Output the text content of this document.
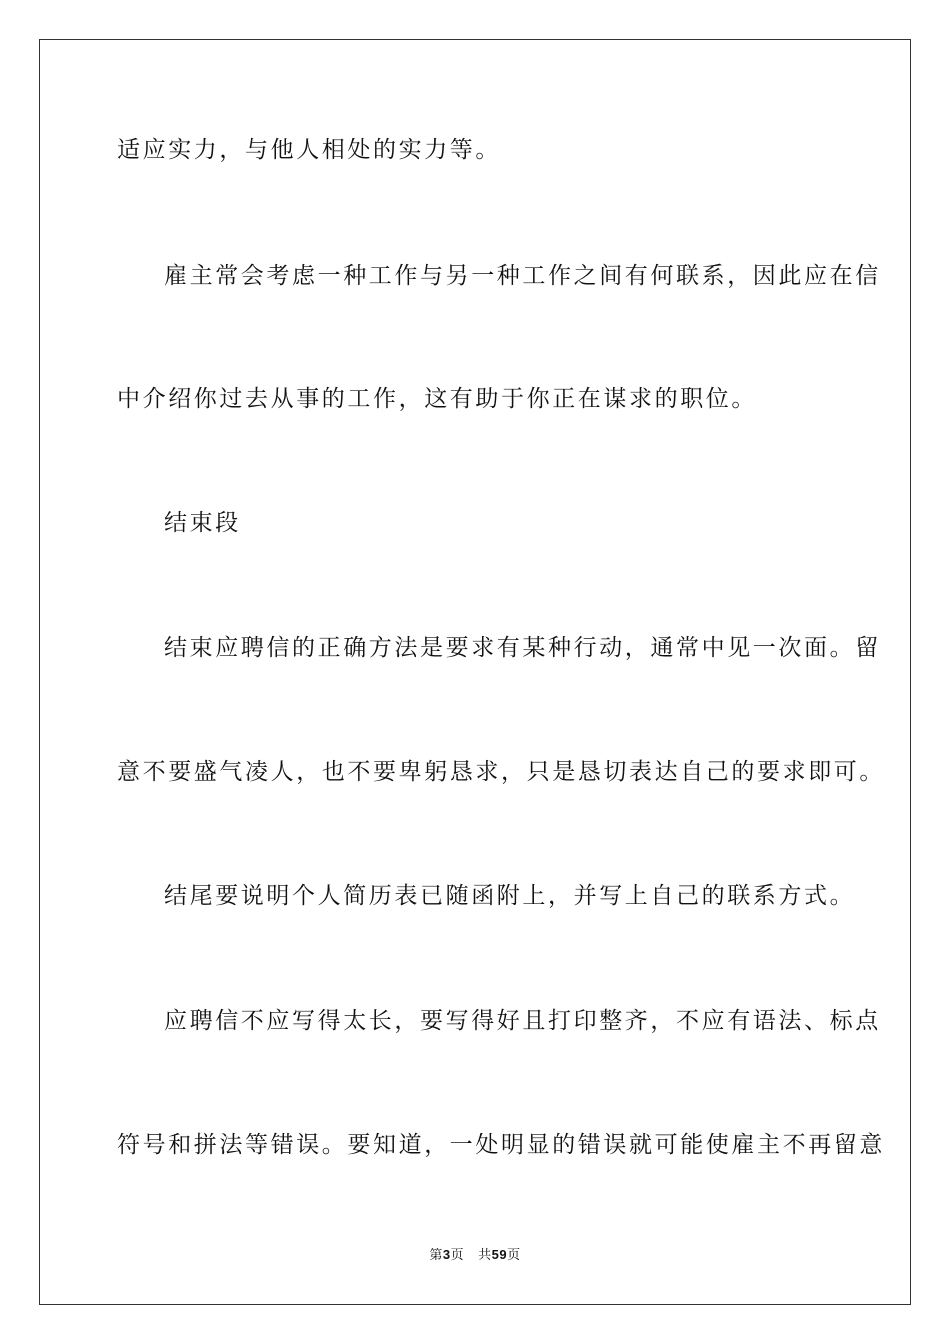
适应实力，与他人相处的实力等。
雇主常会考虑一种工作与另一种工作之间有何联系，因此应在信
中介绍你过去从事的工作，这有助于你正在谋求的职位。
结束段
结束应聘信的正确方法是要求有某种行动，通常中见一次面。留
意不要盛气凌人，也不要卑躬恳求，只是恳切表达自己的要求即可。
结尾要说明个人简历表已随函附上，并写上自己的联系方式。
应聘信不应写得太长，要写得好且打印整齐，不应有语法、标点
符号和拼法等错误。要知道，一处明显的错误就可能使雇主不再留意
第3页 共59页
